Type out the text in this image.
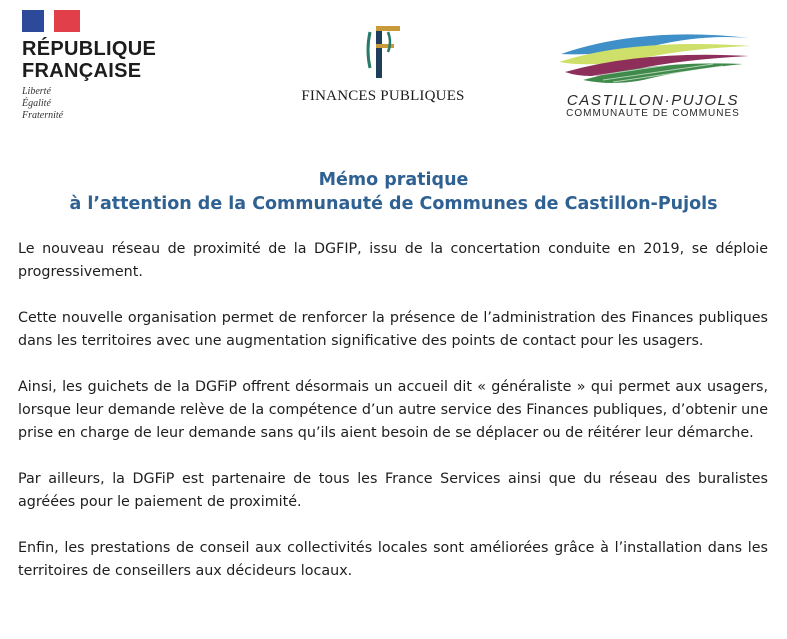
RÉPUBLIQUE
FRANÇAISE
Liberté
Égalité
Fraternité
FINANCES PUBLIQUES	CASTILLON·PUJOLS
COMMUNAUTE DE COMMUNES
Mémo pratique
à l’attention de la Communauté de Communes de Castillon-Pujols

Le nouveau réseau de proximité de la DGFIP, issu de la concertation conduite en 2019, se déploie progressivement.

Cette nouvelle organisation permet de renforcer la présence de l’administration des Finances publiques dans les territoires avec une augmentation significative des points de contact pour les usagers.

Ainsi, les guichets de la DGFiP offrent désormais un accueil dit « généraliste » qui permet aux usagers, lorsque leur demande relève de la compétence d’un autre service des Finances publiques, d’obtenir une prise en charge de leur demande sans qu’ils aient besoin de se déplacer ou de réitérer leur démarche.

Par ailleurs, la DGFiP est partenaire de tous les France Services ainsi que du réseau des buralistes agréées pour le paiement de proximité.

Enfin, les prestations de conseil aux collectivités locales sont améliorées grâce à l’installation dans les territoires de conseillers aux décideurs locaux.
